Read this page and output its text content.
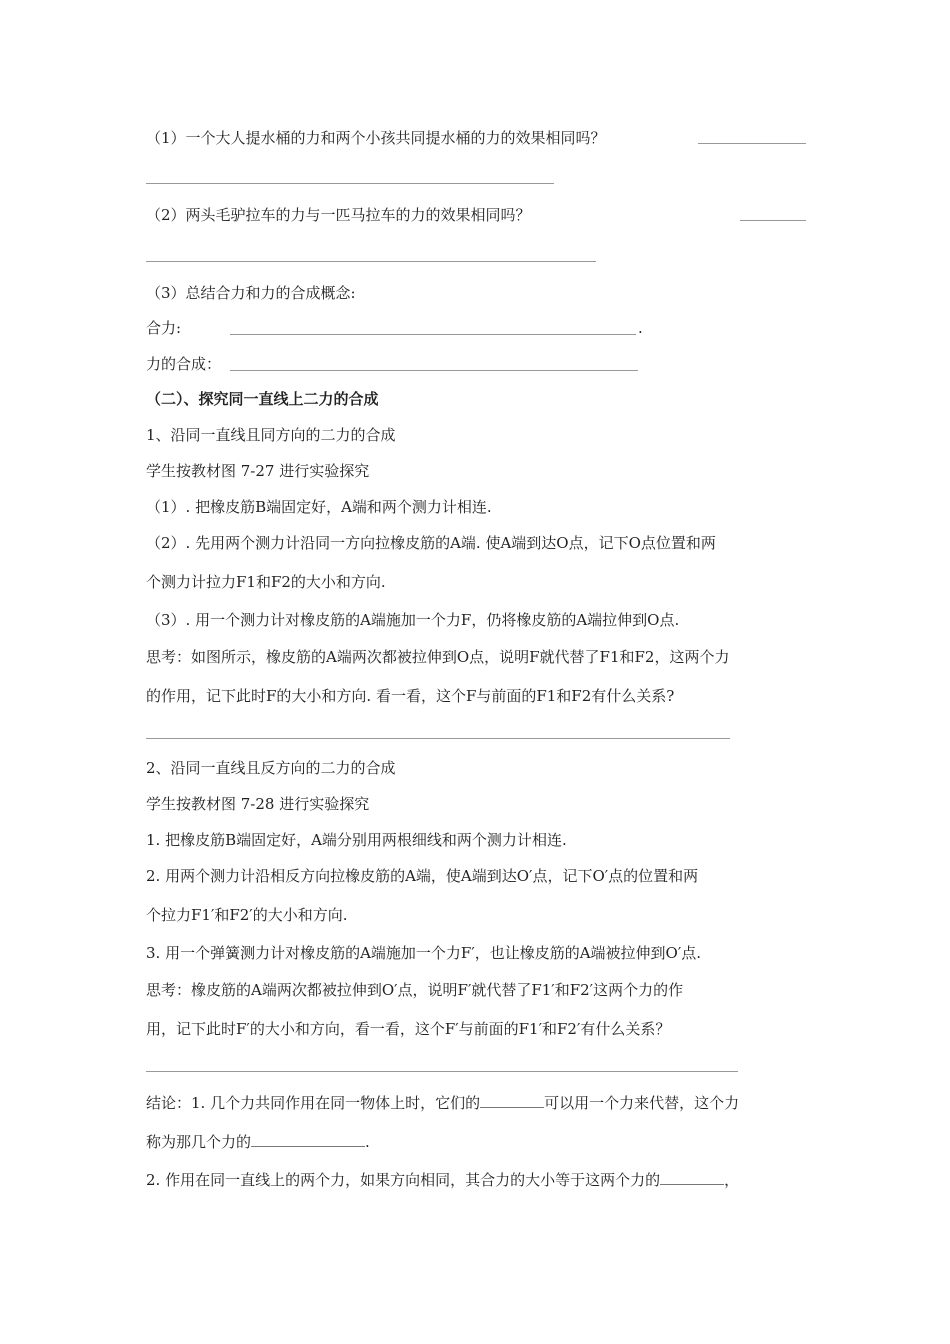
（1）一个大人提水桶的力和两个小孩共同提水桶的力的效果相同吗？
（2）两头毛驴拉车的力与一匹马拉车的力的效果相同吗？
（3）总结合力和力的合成概念:
合力:	.
力的合成：
（二）、探究同一直线上二力的合成
1、沿同一直线且同方向的二力的合成
学生按教材图 7-27 进行实验探究
（1）. 把橡皮筋B端固定好，A端和两个测力计相连.
（2）. 先用两个测力计沿同一方向拉橡皮筋的A端. 使A端到达O点，记下O点位置和两
个测力计拉力F1和F2的大小和方向.
（3）. 用一个测力计对橡皮筋的A端施加一个力F，仍将橡皮筋的A端拉伸到O点.
思考：如图所示，橡皮筋的A端两次都被拉伸到O点，说明F就代替了F1和F2，这两个力
的作用，记下此时F的大小和方向. 看一看，这个F与前面的F1和F2有什么关系?
2、沿同一直线且反方向的二力的合成
学生按教材图 7-28 进行实验探究
1. 把橡皮筋B端固定好，A端分别用两根细线和两个测力计相连.
2. 用两个测力计沿相反方向拉橡皮筋的A端，使A端到达O′点，记下O′点的位置和两
个拉力F1′和F2′的大小和方向.
3. 用一个弹簧测力计对橡皮筋的A端施加一个力F′，也让橡皮筋的A端被拉伸到O′点.
思考：橡皮筋的A端两次都被拉伸到O′点，说明F′就代替了F1′和F2′这两个力的作
用，记下此时F′的大小和方向，看一看，这个F′与前面的F1′和F2′有什么关系？
结论：1. 几个力共同作用在同一物体上时，它们的	可以用一个力来代替，这个力
称为那几个力的	.
2. 作用在同一直线上的两个力，如果方向相同，其合力的大小等于这两个力的	，
